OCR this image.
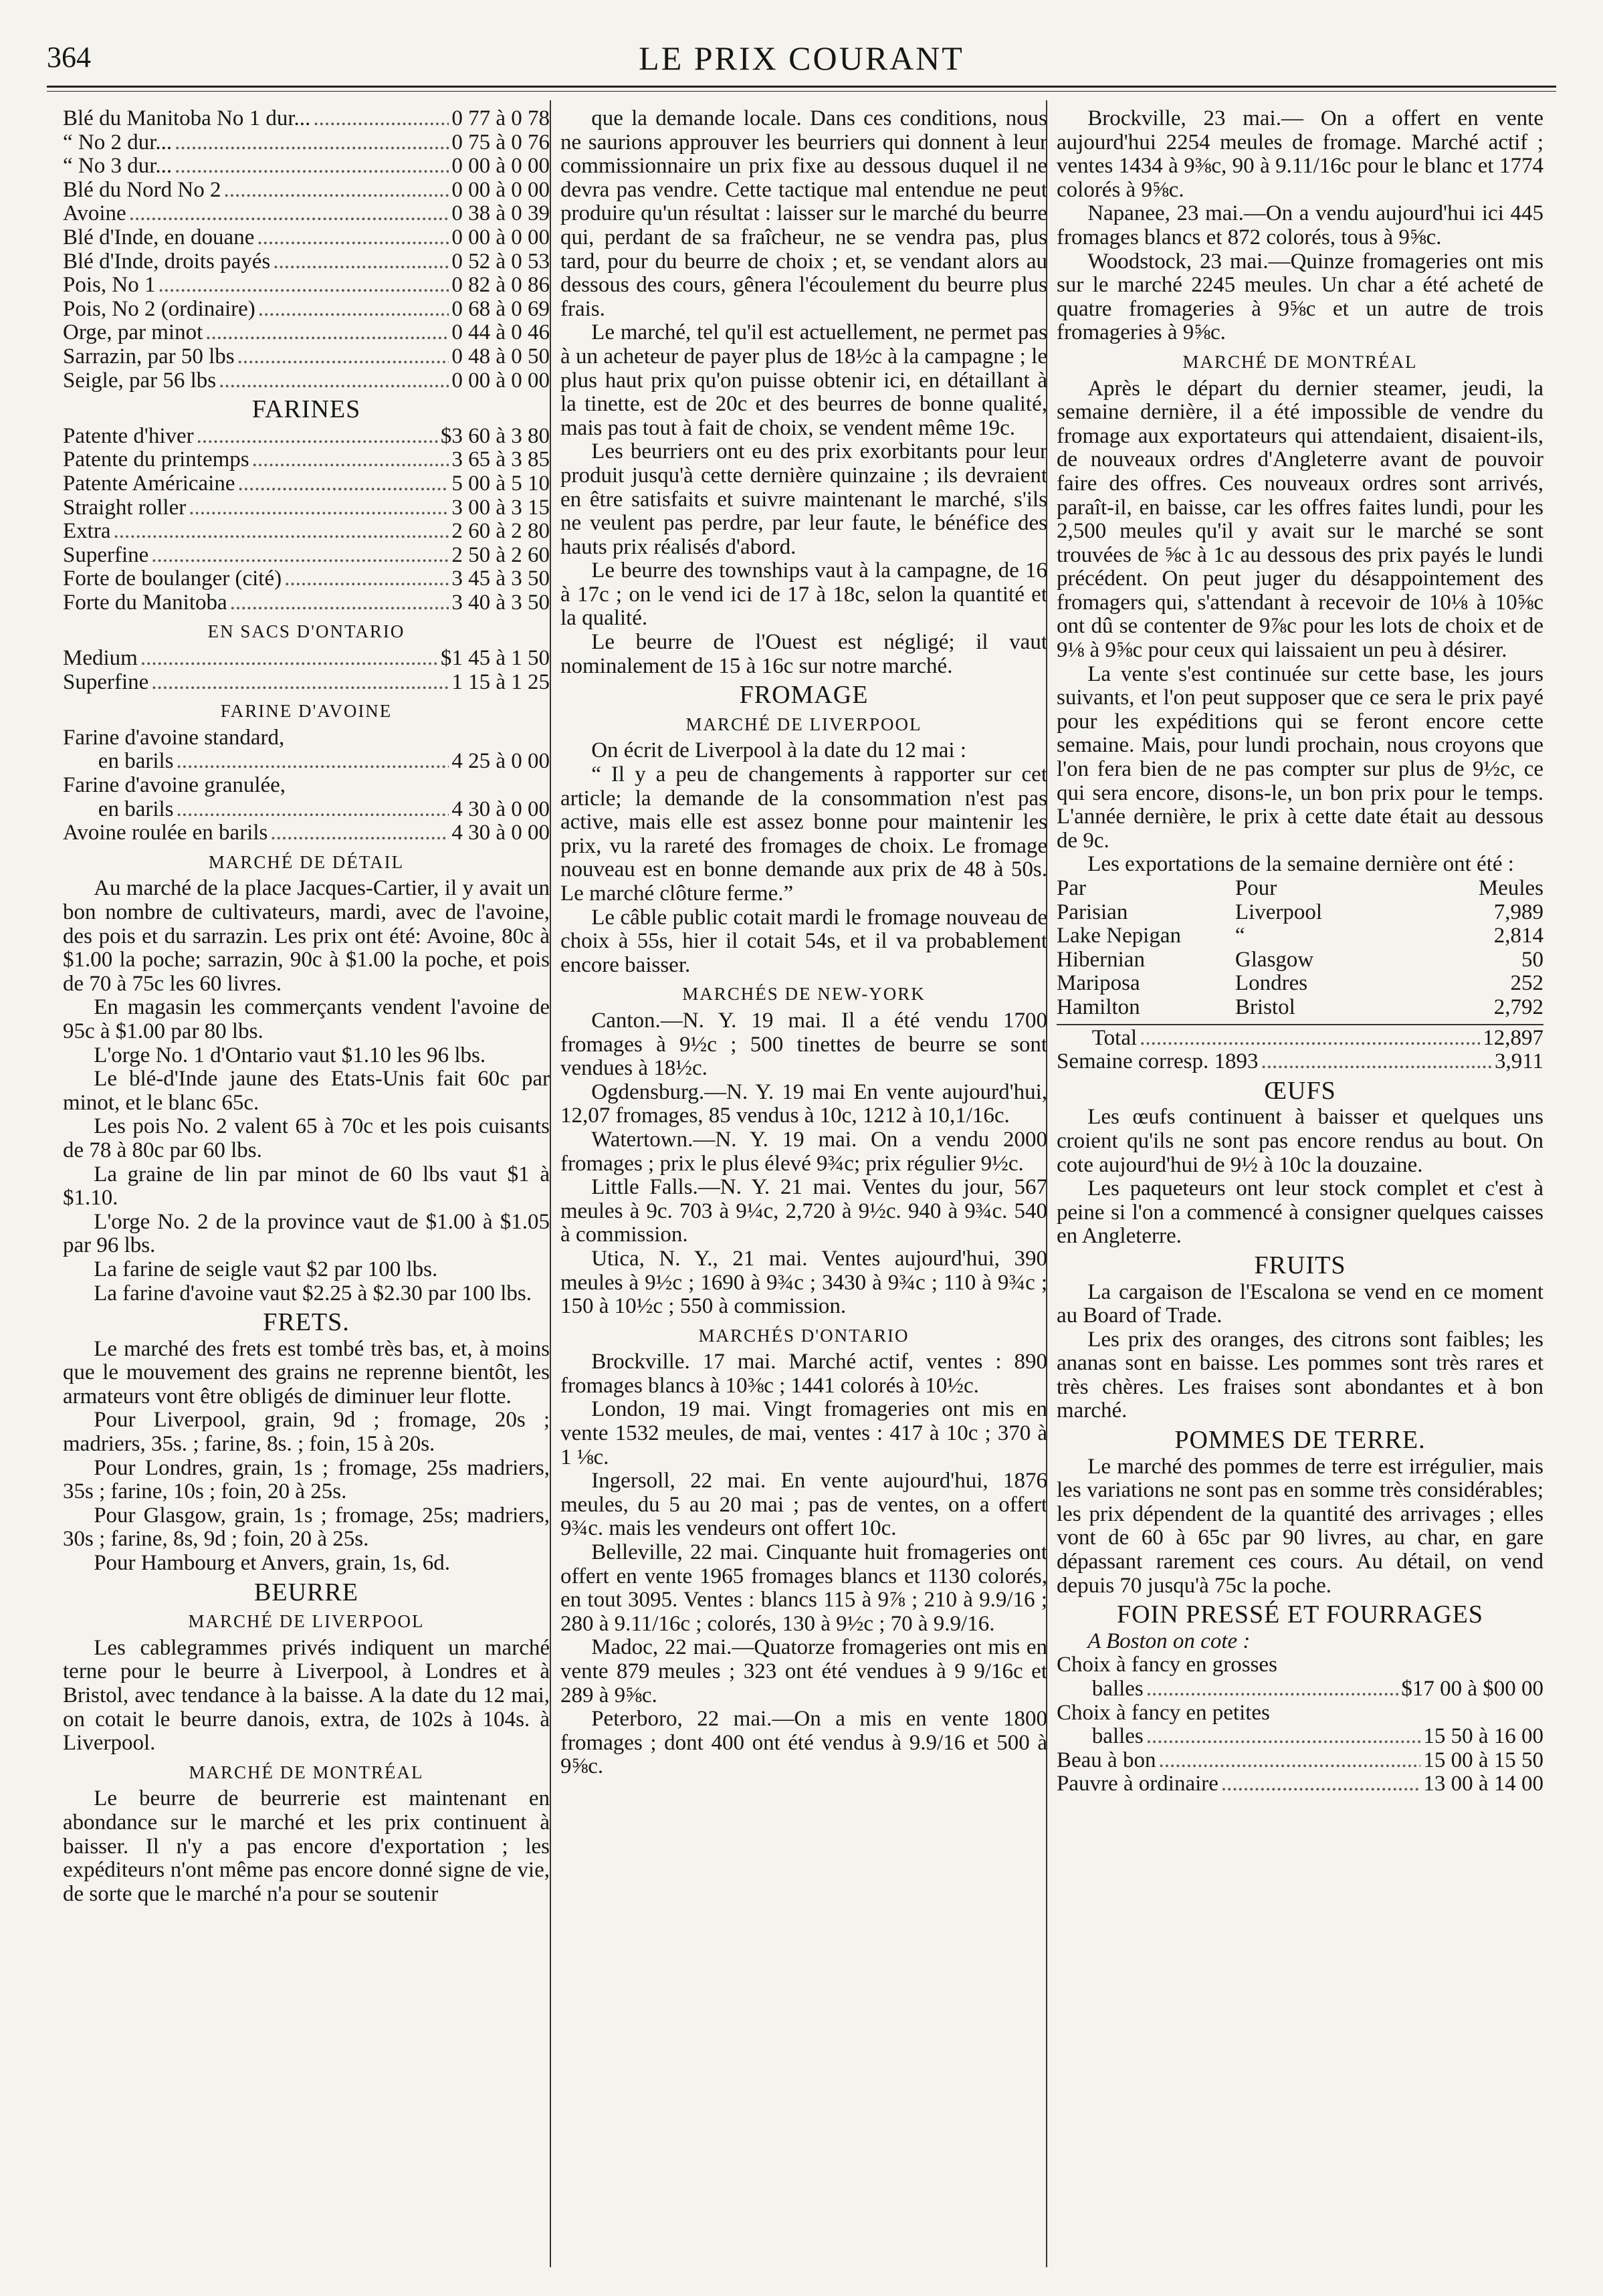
364	LE PRIX COURANT
Blé du Manitoba No 1 dur... .....	0 77 à 0 78
“ No 2 dur... .....	0 75 à 0 76
“ No 3 dur... .....	0 00 à 0 00
Blé du Nord No 2 .....	0 00 à 0 00
Avoine .....	0 38 à 0 39
Blé d'Inde, en douane .....	0 00 à 0 00
Blé d'Inde, droits payés .....	0 52 à 0 53
Pois, No 1 .....	0 82 à 0 86
Pois, No 2 (ordinaire) .....	0 68 à 0 69
Orge, par minot .....	0 44 à 0 46
Sarrazin, par 50 lbs .....	0 48 à 0 50
Seigle, par 56 lbs .....	0 00 à 0 00
FARINES
Patente d'hiver .....	$3 60 à 3 80
Patente du printemps .....	3 65 à 3 85
Patente Américaine .....	5 00 à 5 10
Straight roller .....	3 00 à 3 15
Extra .....	2 60 à 2 80
Superfine .....	2 50 à 2 60
Forte de boulanger (cité) .....	3 45 à 3 50
Forte du Manitoba .....	3 40 à 3 50
EN SACS D'ONTARIO
Medium .....	$1 45 à 1 50
Superfine .....	1 15 à 1 25
FARINE D'AVOINE
Farine d'avoine standard,
en barils .....	4 25 à 0 00
Farine d'avoine granulée,
en barils .....	4 30 à 0 00
Avoine roulée en barils .....	4 30 à 0 00
MARCHÉ DE DÉTAIL

Au marché de la place Jacques-Cartier, il y avait un bon nombre de cultivateurs, mardi, avec de l'avoine, des pois et du sarrazin. Les prix ont été: Avoine, 80c à $1.00 la poche; sarrazin, 90c à $1.00 la poche, et pois de 70 à 75c les 60 livres.

En magasin les commerçants vendent l'avoine de 95c à $1.00 par 80 lbs.

L'orge No. 1 d'Ontario vaut $1.10 les 96 lbs.

Le blé-d'Inde jaune des Etats-Unis fait 60c par minot, et le blanc 65c.

Les pois No. 2 valent 65 à 70c et les pois cuisants de 78 à 80c par 60 lbs.

La graine de lin par minot de 60 lbs vaut $1 à $1.10.

L'orge No. 2 de la province vaut de $1.00 à $1.05 par 96 lbs.

La farine de seigle vaut $2 par 100 lbs.

La farine d'avoine vaut $2.25 à $2.30 par 100 lbs.

FRETS.

Le marché des frets est tombé très bas, et, à moins que le mouvement des grains ne reprenne bientôt, les armateurs vont être obligés de diminuer leur flotte.

Pour Liverpool, grain, 9d ; fromage, 20s ; madriers, 35s. ; farine, 8s. ; foin, 15 à 20s.

Pour Londres, grain, 1s ; fromage, 25s madriers, 35s ; farine, 10s ; foin, 20 à 25s.

Pour Glasgow, grain, 1s ; fromage, 25s; madriers, 30s ; farine, 8s, 9d ; foin, 20 à 25s.

Pour Hambourg et Anvers, grain, 1s, 6d.

BEURRE
MARCHÉ DE LIVERPOOL

Les cablegrammes privés indiquent un marché terne pour le beurre à Liverpool, à Londres et à Bristol, avec tendance à la baisse. A la date du 12 mai, on cotait le beurre danois, extra, de 102s à 104s. à Liverpool.

MARCHÉ DE MONTRÉAL

Le beurre de beurrerie est maintenant en abondance sur le marché et les prix continuent à baisser. Il n'y a pas encore d'exportation ; les expéditeurs n'ont même pas encore donné signe de vie, de sorte que le marché n'a pour se soutenir

que la demande locale. Dans ces conditions, nous ne saurions approuver les beurriers qui donnent à leur commissionnaire un prix fixe au dessous duquel il ne devra pas vendre. Cette tactique mal entendue ne peut produire qu'un résultat : laisser sur le marché du beurre qui, perdant de sa fraîcheur, ne se vendra pas, plus tard, pour du beurre de choix ; et, se vendant alors au dessous des cours, gênera l'écoulement du beurre plus frais.

Le marché, tel qu'il est actuellement, ne permet pas à un acheteur de payer plus de 18½c à la campagne ; le plus haut prix qu'on puisse obtenir ici, en détaillant à la tinette, est de 20c et des beurres de bonne qualité, mais pas tout à fait de choix, se vendent même 19c.

Les beurriers ont eu des prix exorbitants pour leur produit jusqu'à cette dernière quinzaine ; ils devraient en être satisfaits et suivre maintenant le marché, s'ils ne veulent pas perdre, par leur faute, le bénéfice des hauts prix réalisés d'abord.

Le beurre des townships vaut à la campagne, de 16 à 17c ; on le vend ici de 17 à 18c, selon la quantité et la qualité.

Le beurre de l'Ouest est négligé; il vaut nominalement de 15 à 16c sur notre marché.

FROMAGE
MARCHÉ DE LIVERPOOL

On écrit de Liverpool à la date du 12 mai :

“ Il y a peu de changements à rapporter sur cet article; la demande de la consommation n'est pas active, mais elle est assez bonne pour maintenir les prix, vu la rareté des fromages de choix. Le fromage nouveau est en bonne demande aux prix de 48 à 50s. Le marché clôture ferme.”

Le câble public cotait mardi le fromage nouveau de choix à 55s, hier il cotait 54s, et il va probablement encore baisser.

MARCHÉS DE NEW-YORK

Canton.—N. Y. 19 mai. Il a été vendu 1700 fromages à 9½c ; 500 tinettes de beurre se sont vendues à 18½c.

Ogdensburg.—N. Y. 19 mai En vente aujourd'hui, 12,07 fromages, 85 vendus à 10c, 1212 à 10,1/16c.

Watertown.—N. Y. 19 mai. On a vendu 2000 fromages ; prix le plus élevé 9¾c; prix régulier 9½c.

Little Falls.—N. Y. 21 mai. Ventes du jour, 567 meules à 9c. 703 à 9¼c, 2,720 à 9½c. 940 à 9¾c. 540 à commission.

Utica, N. Y., 21 mai. Ventes aujourd'hui, 390 meules à 9½c ; 1690 à 9¾c ; 3430 à 9¾c ; 110 à 9¾c ; 150 à 10½c ; 550 à commission.

MARCHÉS D'ONTARIO

Brockville. 17 mai. Marché actif, ventes : 890 fromages blancs à 10⅜c ; 1441 colorés à 10½c.

London, 19 mai. Vingt fromageries ont mis en vente 1532 meules, de mai, ventes : 417 à 10c ; 370 à 1 ⅛c.

Ingersoll, 22 mai. En vente aujourd'hui, 1876 meules, du 5 au 20 mai ; pas de ventes, on a offert 9¾c. mais les vendeurs ont offert 10c.

Belleville, 22 mai. Cinquante huit fromageries ont offert en vente 1965 fromages blancs et 1130 colorés, en tout 3095. Ventes : blancs 115 à 9⅞ ; 210 à 9.9/16 ; 280 à 9.11/16c ; colorés, 130 à 9½c ; 70 à 9.9/16.

Madoc, 22 mai.—Quatorze fromageries ont mis en vente 879 meules ; 323 ont été vendues à 9 9/16c et 289 à 9⅝c.

Peterboro, 22 mai.—On a mis en vente 1800 fromages ; dont 400 ont été vendus à 9.9/16 et 500 à 9⅝c.

Brockville, 23 mai.— On a offert en vente aujourd'hui 2254 meules de fromage. Marché actif ; ventes 1434 à 9⅜c, 90 à 9.11/16c pour le blanc et 1774 colorés à 9⅝c.

Napanee, 23 mai.—On a vendu aujourd'hui ici 445 fromages blancs et 872 colorés, tous à 9⅝c.

Woodstock, 23 mai.—Quinze fromageries ont mis sur le marché 2245 meules. Un char a été acheté de quatre fromageries à 9⅝c et un autre de trois fromageries à 9⅝c.

MARCHÉ DE MONTRÉAL

Après le départ du dernier steamer, jeudi, la semaine dernière, il a été impossible de vendre du fromage aux exportateurs qui attendaient, disaient-ils, de nouveaux ordres d'Angleterre avant de pouvoir faire des offres. Ces nouveaux ordres sont arrivés, paraît-il, en baisse, car les offres faites lundi, pour les 2,500 meules qu'il y avait sur le marché se sont trouvées de ⅝c à 1c au dessous des prix payés le lundi précédent. On peut juger du désappointement des fromagers qui, s'attendant à recevoir de 10⅛ à 10⅝c ont dû se contenter de 9⅞c pour les lots de choix et de 9⅛ à 9⅝c pour ceux qui laissaient un peu à désirer.

La vente s'est continuée sur cette base, les jours suivants, et l'on peut supposer que ce sera le prix payé pour les expéditions qui se feront encore cette semaine. Mais, pour lundi prochain, nous croyons que l'on fera bien de ne pas compter sur plus de 9½c, ce qui sera encore, disons-le, un bon prix pour le temps. L'année dernière, le prix à cette date était au dessous de 9c.

Les exportations de la semaine dernière ont été :

Par	Pour	Meules
Parisian	Liverpool	7,989
Lake Nepigan	“	2,814
Hibernian	Glasgow	50
Mariposa	Londres	252
Hamilton	Bristol	2,792
Total .....	12,897
Semaine corresp. 1893 .....	3,911
ŒUFS

Les œufs continuent à baisser et quelques uns croient qu'ils ne sont pas encore rendus au bout. On cote aujourd'hui de 9½ à 10c la douzaine.

Les paqueteurs ont leur stock complet et c'est à peine si l'on a commencé à consigner quelques caisses en Angleterre.

FRUITS

La cargaison de l'Escalona se vend en ce moment au Board of Trade.

Les prix des oranges, des citrons sont faibles; les ananas sont en baisse. Les pommes sont très rares et très chères. Les fraises sont abondantes et à bon marché.

POMMES DE TERRE.

Le marché des pommes de terre est irrégulier, mais les variations ne sont pas en somme très considérables; les prix dépendent de la quantité des arrivages ; elles vont de 60 à 65c par 90 livres, au char, en gare dépassant rarement ces cours. Au détail, on vend depuis 70 jusqu'à 75c la poche.

FOIN PRESSÉ ET FOURRAGES

A Boston on cote :

Choix à fancy en grosses
balles .....	$17 00 à $00 00
Choix à fancy en petites
balles .....	15 50 à 16 00
Beau à bon .....	15 00 à 15 50
Pauvre à ordinaire .....	13 00 à 14 00
